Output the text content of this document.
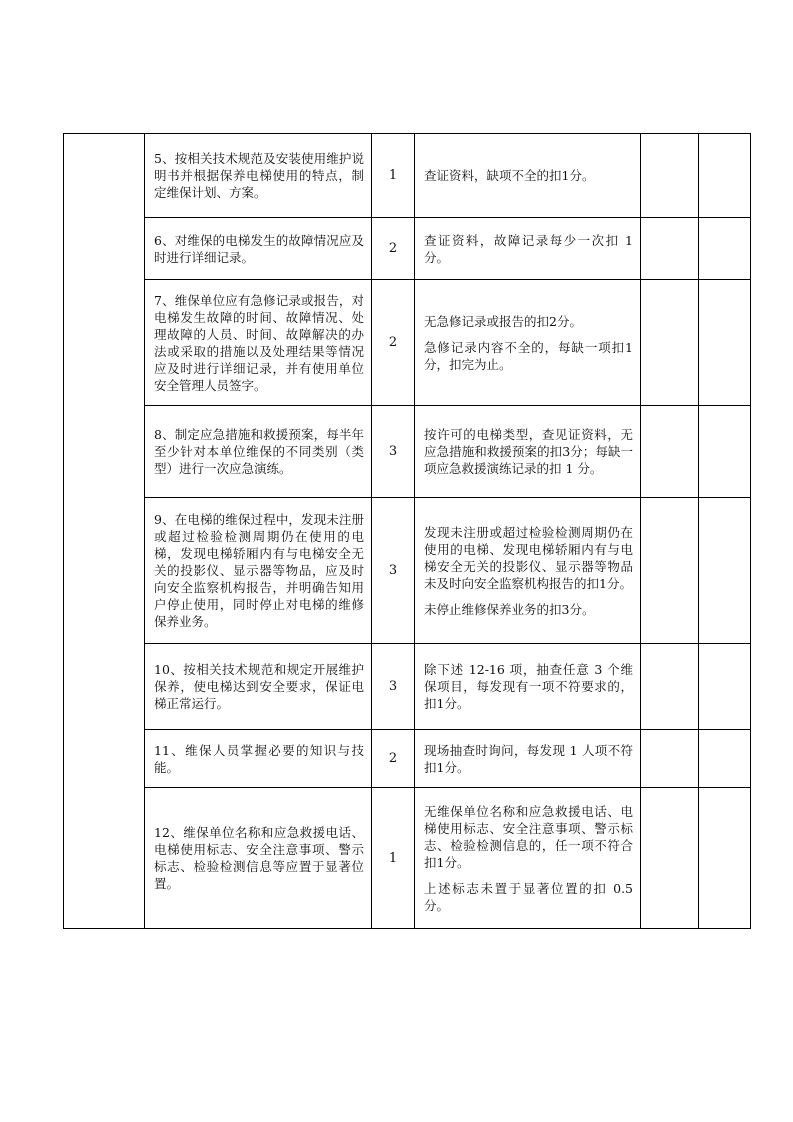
	5、按相关技术规范及安装使用维护说明书并根据保养电梯使用的特点，制定维保计划、方案。	1	查证资料，缺项不全的扣1分。		

	6、对维保的电梯发生的故障情况应及时进行详细记录。	2	查证资料，故障记录每少一次扣 1 分。		

	7、维保单位应有急修记录或报告，对电梯发生故障的时间、故障情况、处理故障的人员、时间、故障解决的办法或采取的措施以及处理结果等情况应及时进行详细记录，并有使用单位安全管理人员签字。	2	无急修记录或报告的扣2分。
急修记录内容不全的，每缺一项扣1分，扣完为止。		

	8、制定应急措施和救援预案，每半年至少针对本单位维保的不同类别（类型）进行一次应急演练。	3	按许可的电梯类型，查见证资料，无应急措施和救援预案的扣3分；每缺一项应急救援演练记录的扣 1 分。		

	9、在电梯的维保过程中，发现未注册或超过检验检测周期仍在使用的电梯，发现电梯轿厢内有与电梯安全无关的投影仪、显示器等物品，应及时向安全监察机构报告，并明确告知用户停止使用，同时停止对电梯的维修保养业务。	3	发现未注册或超过检验检测周期仍在使用的电梯、发现电梯轿厢内有与电梯安全无关的投影仪、显示器等物品未及时向安全监察机构报告的扣1分。
未停止维修保养业务的扣3分。		

	10、按相关技术规范和规定开展维护保养，使电梯达到安全要求，保证电梯正常运行。	3	除下述 12-16 项，抽查任意 3 个维保项目，每发现有一项不符要求的，扣1分。		

	11、维保人员掌握必要的知识与技能。	2	现场抽查时询问，每发现 1 人项不符扣1分。		

	12、维保单位名称和应急救援电话、电梯使用标志、安全注意事项、警示标志、检验检测信息等应置于显著位置。	1	无维保单位名称和应急救援电话、电梯使用标志、安全注意事项、警示标志、检验检测信息的，任一项不符合扣1分。
上述标志未置于显著位置的扣 0.5 分。		
